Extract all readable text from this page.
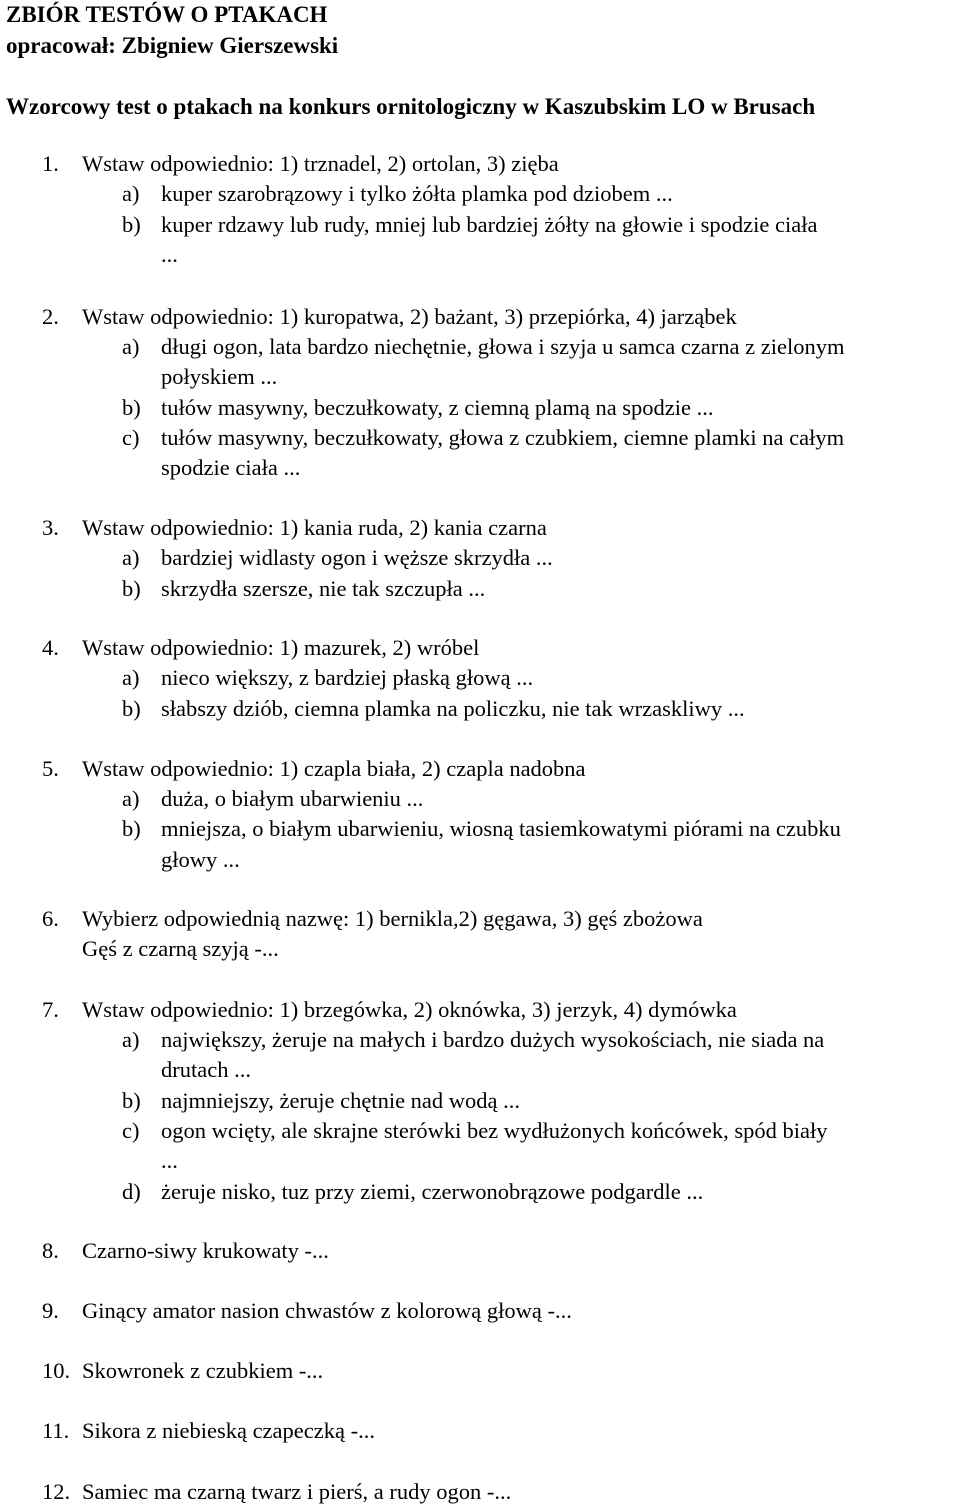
ZBIÓR TESTÓW O PTAKACH
opracował: Zbigniew Gierszewski
Wzorcowy test o ptakach na konkurs ornitologiczny w Kaszubskim LO w Brusach
1. Wstaw odpowiednio: 1) trznadel, 2) ortolan, 3) zięba
a) kuper szarobrązowy i tylko żółta plamka pod dziobem ...
b) kuper rdzawy lub rudy, mniej lub bardziej żółty na głowie i spodzie ciała
...
2. Wstaw odpowiednio: 1) kuropatwa, 2) bażant, 3) przepiórka, 4) jarząbek
a) długi ogon, lata bardzo niechętnie, głowa i szyja u samca czarna z zielonym
połyskiem ...
b) tułów masywny, beczułkowaty, z ciemną plamą na spodzie ...
c) tułów masywny, beczułkowaty, głowa z czubkiem, ciemne plamki na całym
spodzie ciała ...
3. Wstaw odpowiednio: 1) kania ruda, 2) kania czarna
a) bardziej widlasty ogon i węższe skrzydła ...
b) skrzydła szersze, nie tak szczupła ...
4. Wstaw odpowiednio: 1) mazurek, 2) wróbel
a) nieco większy, z bardziej płaską głową ...
b) słabszy dziób, ciemna plamka na policzku, nie tak wrzaskliwy ...
5. Wstaw odpowiednio: 1) czapla biała, 2) czapla nadobna
a) duża, o białym ubarwieniu ...
b) mniejsza, o białym ubarwieniu, wiosną tasiemkowatymi piórami na czubku
głowy ...
6. Wybierz odpowiednią nazwę: 1) bernikla,2) gęgawa, 3) gęś zbożowa
Gęś z czarną szyją -...
7. Wstaw odpowiednio: 1) brzegówka, 2) oknówka, 3) jerzyk, 4) dymówka
a) największy, żeruje na małych i bardzo dużych wysokościach, nie siada na
drutach ...
b) najmniejszy, żeruje chętnie nad wodą ...
c) ogon wcięty, ale skrajne sterówki bez wydłużonych końcówek, spód biały
...
d) żeruje nisko, tuz przy ziemi, czerwonobrązowe podgardle ...
8. Czarno-siwy krukowaty -...
9. Ginący amator nasion chwastów z kolorową głową -...
10. Skowronek z czubkiem -...
11. Sikora z niebieską czapeczką -...
12. Samiec ma czarną twarz i pierś, a rudy ogon -...
